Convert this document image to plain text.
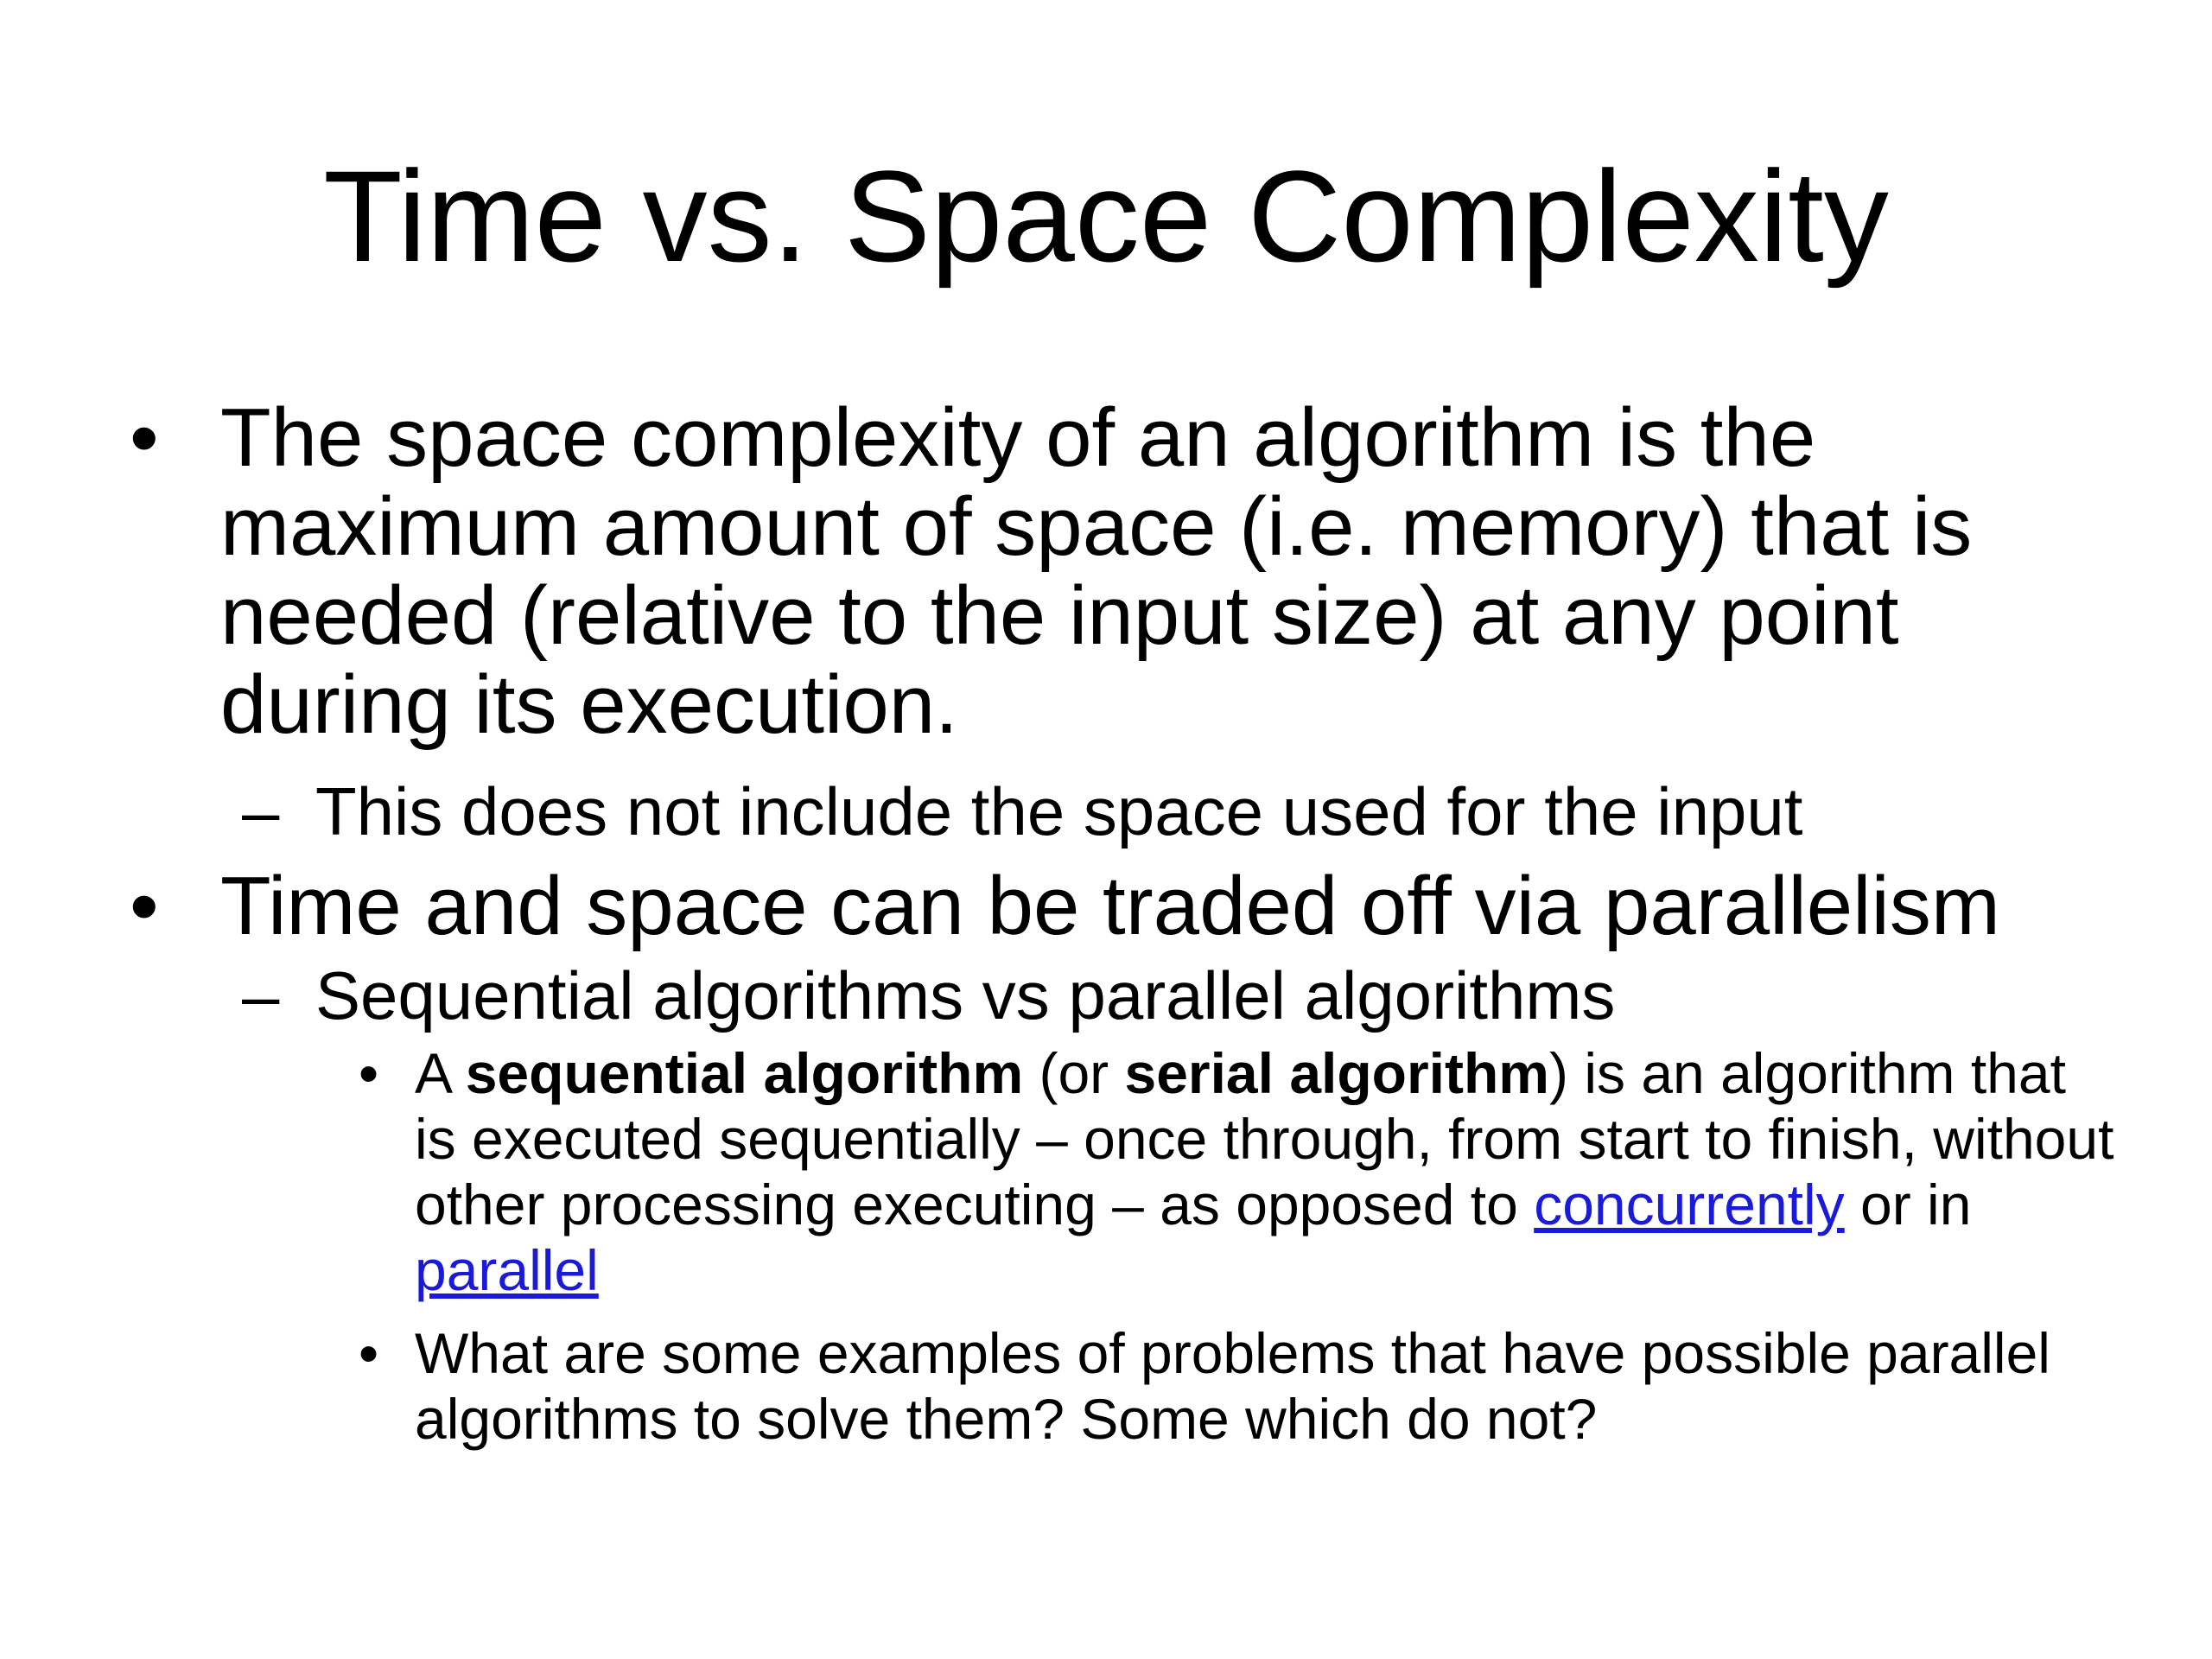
Time vs. Space Complexity
• The space complexity of an algorithm is the maximum amount of space (i.e. memory) that is needed (relative to the input size) at any point during its execution.
– This does not include the space used for the input
• Time and space can be traded off via parallelism
– Sequential algorithms vs parallel algorithms
• A sequential algorithm (or serial algorithm) is an algorithm that is executed sequentially – once through, from start to finish, without other processing executing – as opposed to concurrently or in parallel
• What are some examples of problems that have possible parallel algorithms to solve them? Some which do not?
